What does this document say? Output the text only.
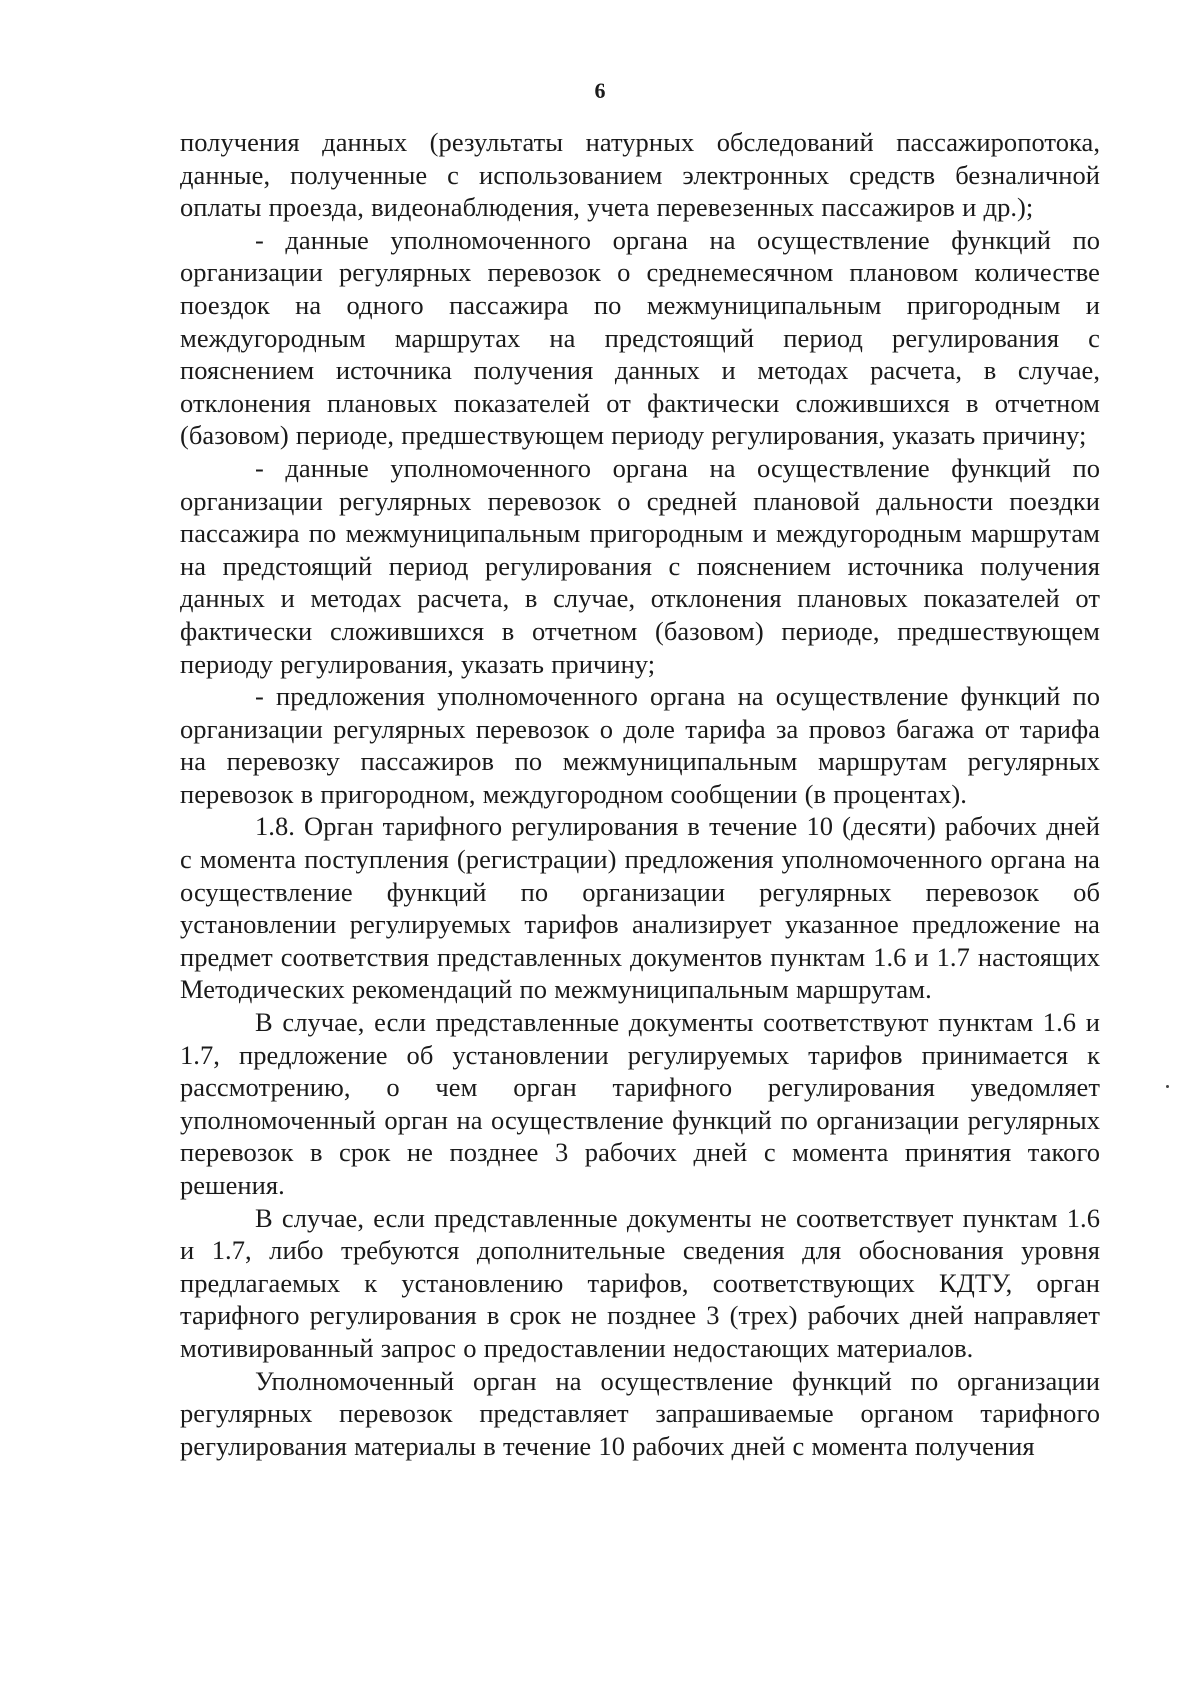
6

получения данных (результаты натурных обследований пассажиропотока, данные, полученные с использованием электронных средств безналичной оплаты проезда, видеонаблюдения, учета перевезенных пассажиров и др.);

- данные уполномоченного органа на осуществление функций по организации регулярных перевозок о среднемесячном плановом количестве поездок на одного пассажира по межмуниципальным пригородным и междугородным маршрутах на предстоящий период регулирования с пояснением источника получения данных и методах расчета, в случае, отклонения плановых показателей от фактически сложившихся в отчетном (базовом) периоде, предшествующем периоду регулирования, указать причину;

- данные уполномоченного органа на осуществление функций по организации регулярных перевозок о средней плановой дальности поездки пассажира по межмуниципальным пригородным и междугородным маршрутам на предстоящий период регулирования с пояснением источника получения данных и методах расчета, в случае, отклонения плановых показателей от фактически сложившихся в отчетном (базовом) периоде, предшествующем периоду регулирования, указать причину;

- предложения уполномоченного органа на осуществление функций по организации регулярных перевозок о доле тарифа за провоз багажа от тарифа на перевозку пассажиров по межмуниципальным маршрутам регулярных перевозок в пригородном, междугородном сообщении (в процентах).

1.8. Орган тарифного регулирования в течение 10 (десяти) рабочих дней с момента поступления (регистрации) предложения уполномоченного органа на осуществление функций по организации регулярных перевозок об установлении регулируемых тарифов анализирует указанное предложение на предмет соответствия представленных документов пунктам 1.6 и 1.7 настоящих Методических рекомендаций по межмуниципальным маршрутам.

В случае, если представленные документы соответствуют пунктам 1.6 и 1.7, предложение об установлении регулируемых тарифов принимается к рассмотрению, о чем орган тарифного регулирования уведомляет уполномоченный орган на осуществление функций по организации регулярных перевозок в срок не позднее 3 рабочих дней с момента принятия такого решения.

В случае, если представленные документы не соответствует пунктам 1.6 и 1.7, либо требуются дополнительные сведения для обоснования уровня предлагаемых к установлению тарифов, соответствующих КДТУ, орган тарифного регулирования в срок не позднее 3 (трех) рабочих дней направляет мотивированный запрос о предоставлении недостающих материалов.

Уполномоченный орган на осуществление функций по организации регулярных перевозок представляет запрашиваемые органом тарифного регулирования материалы в течение 10 рабочих дней с момента получения
